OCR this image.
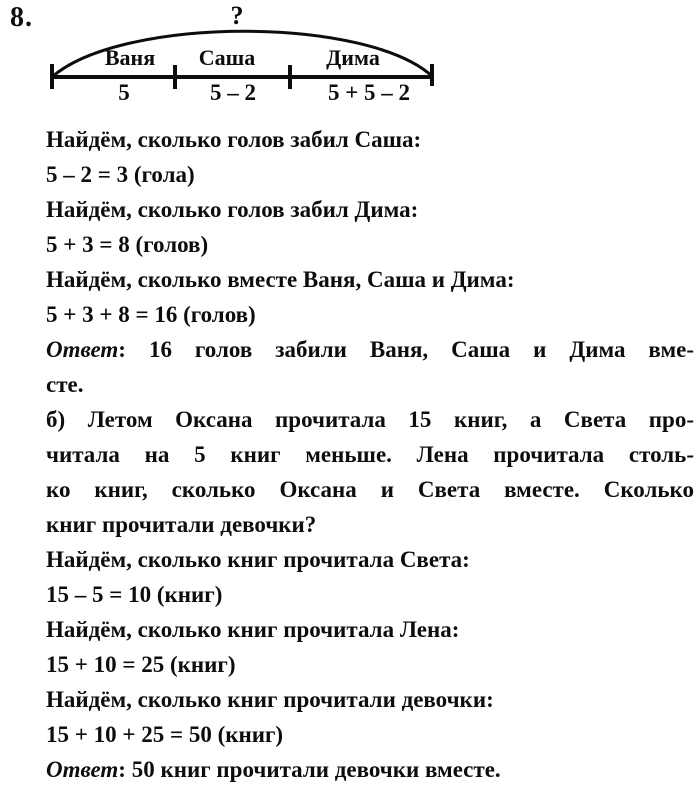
8.	?
Ваня Саша	Дима
5	5 – 2	5 + 5 – 2
Найдём, сколько голов забил Саша:
5 – 2 = 3 (гола)
Найдём, сколько голов забил Дима:
5 + 3 = 8 (голов)
Найдём, сколько вместе Ваня, Саша и Дима:
5 + 3 + 8 = 16 (голов)
Ответ: 16 голов забили Ваня, Саша и Дима вме-
сте.
б) Летом Оксана прочитала 15 книг, а Света про-
читала на 5 книг меньше. Лена прочитала столь-
ко книг, сколько Оксана и Света вместе. Сколько
книг прочитали девочки?
Найдём, сколько книг прочитала Света:
15 – 5 = 10 (книг)
Найдём, сколько книг прочитала Лена:
15 + 10 = 25 (книг)
Найдём, сколько книг прочитали девочки:
15 + 10 + 25 = 50 (книг)
Ответ: 50 книг прочитали девочки вместе.
